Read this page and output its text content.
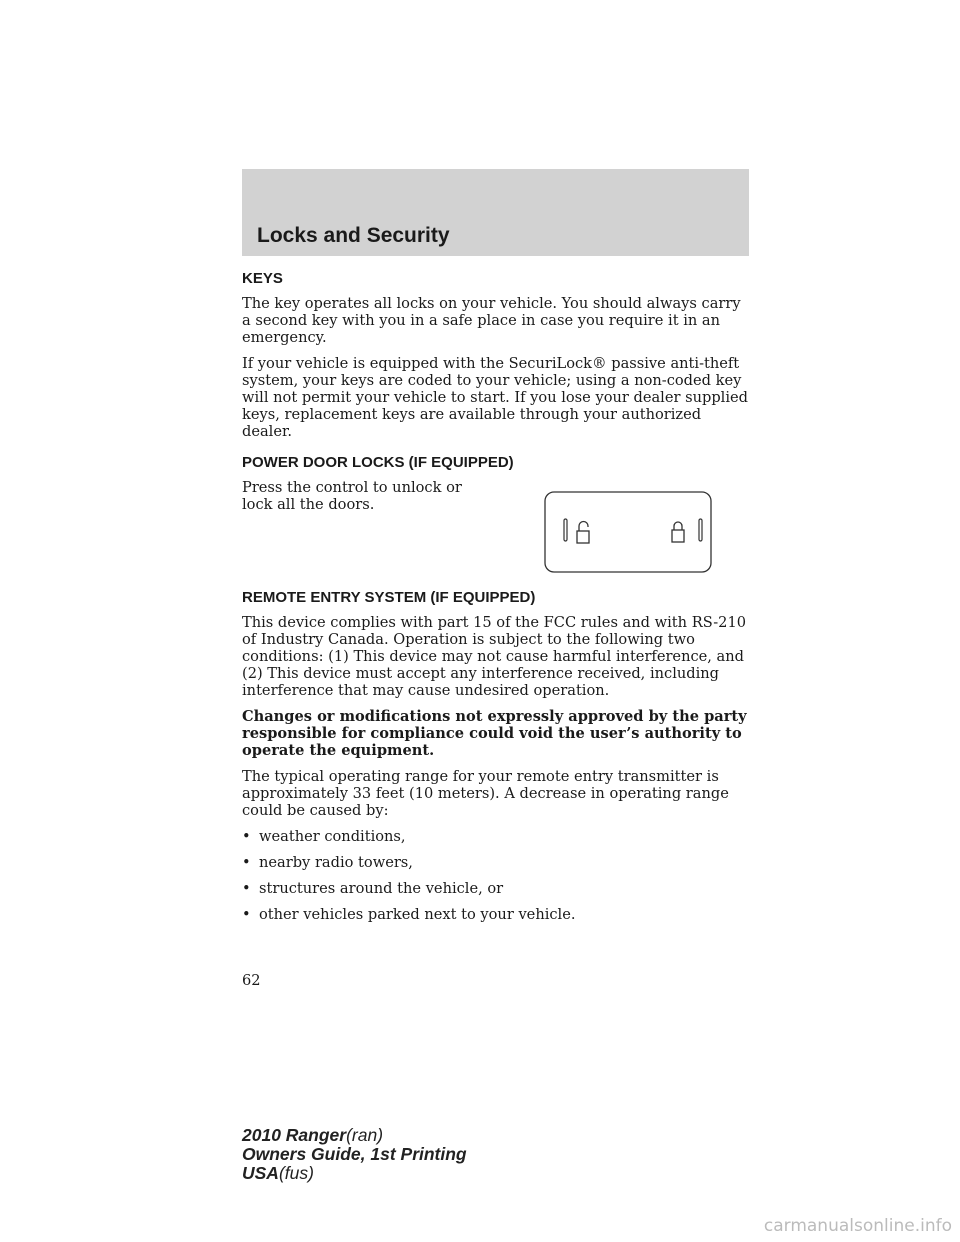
Locks and Security
KEYS

The key operates all locks on your vehicle. You should always carry a second key with you in a safe place in case you require it in an emergency.

If your vehicle is equipped with the SecuriLock® passive anti-theft system, your keys are coded to your vehicle; using a non-coded key will not permit your vehicle to start. If you lose your dealer supplied keys, replacement keys are available through your authorized dealer.

POWER DOOR LOCKS (IF EQUIPPED)

Press the control to unlock or lock all the doors.

REMOTE ENTRY SYSTEM (IF EQUIPPED)

This device complies with part 15 of the FCC rules and with RS-210 of Industry Canada. Operation is subject to the following two conditions: (1) This device may not cause harmful interference, and (2) This device must accept any interference received, including interference that may cause undesired operation.

Changes or modifications not expressly approved by the party responsible for compliance could void the user’s authority to operate the equipment.

The typical operating range for your remote entry transmitter is approximately 33 feet (10 meters). A decrease in operating range could be caused by:

• weather conditions,
• nearby radio towers,
• structures around the vehicle, or
• other vehicles parked next to your vehicle.
62
2010 Ranger(ran)
Owners Guide, 1st Printing
USA(fus)
carmanualsonline.info
